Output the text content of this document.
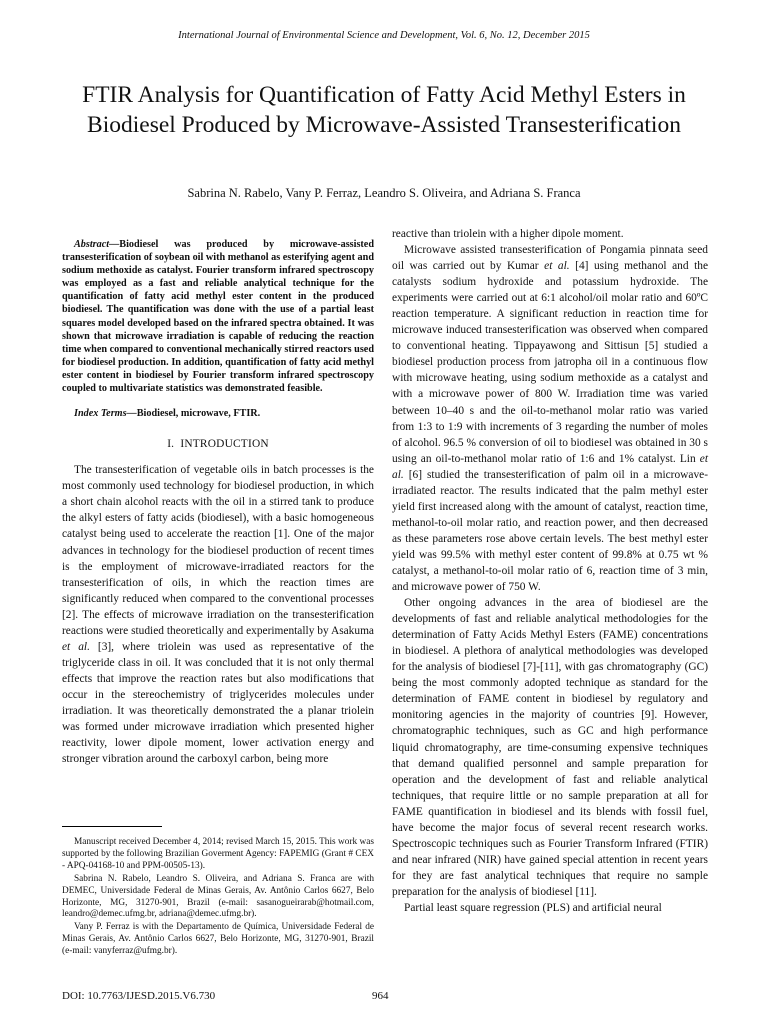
International Journal of Environmental Science and Development, Vol. 6, No. 12, December 2015
FTIR Analysis for Quantification of Fatty Acid Methyl Esters in Biodiesel Produced by Microwave-Assisted Transesterification
Sabrina N. Rabelo, Vany P. Ferraz, Leandro S. Oliveira, and Adriana S. Franca

Abstract—Biodiesel was produced by microwave-assisted transesterification of soybean oil with methanol as esterifying agent and sodium methoxide as catalyst. Fourier transform infrared spectroscopy was employed as a fast and reliable analytical technique for the quantification of fatty acid methyl ester content in the produced biodiesel. The quantification was done with the use of a partial least squares model developed based on the infrared spectra obtained. It was shown that microwave irradiation is capable of reducing the reaction time when compared to conventional mechanically stirred reactors used for biodiesel production. In addition, quantification of fatty acid methyl ester content in biodiesel by Fourier transform infrared spectroscopy coupled to multivariate statistics was demonstrated feasible.

Index Terms—Biodiesel, microwave, FTIR.

I. INTRODUCTION

The transesterification of vegetable oils in batch processes is the most commonly used technology for biodiesel production, in which a short chain alcohol reacts with the oil in a stirred tank to produce the alkyl esters of fatty acids (biodiesel), with a basic homogeneous catalyst being used to accelerate the reaction [1]. One of the major advances in technology for the biodiesel production of recent times is the employment of microwave-irradiated reactors for the transesterification of oils, in which the reaction times are significantly reduced when compared to the conventional processes [2]. The effects of microwave irradiation on the transesterification reactions were studied theoretically and experimentally by Asakuma et al. [3], where triolein was used as representative of the triglyceride class in oil. It was concluded that it is not only thermal effects that improve the reaction rates but also modifications that occur in the stereochemistry of triglycerides molecules under irradiation. It was theoretically demonstrated the a planar triolein was formed under microwave irradiation which presented higher reactivity, lower dipole moment, lower activation energy and stronger vibration around the carboxyl carbon, being more

Manuscript received December 4, 2014; revised March 15, 2015. This work was supported by the following Brazilian Goverment Agency: FAPEMIG (Grant # CEX - APQ-04168-10 and PPM-00505-13).

Sabrina N. Rabelo, Leandro S. Oliveira, and Adriana S. Franca are with DEMEC, Universidade Federal de Minas Gerais, Av. Antônio Carlos 6627, Belo Horizonte, MG, 31270-901, Brazil (e-mail: sasanogueirarab@hotmail.com, leandro@demec.ufmg.br, adriana@demec.ufmg.br).

Vany P. Ferraz is with the Departamento de Química, Universidade Federal de Minas Gerais, Av. Antônio Carlos 6627, Belo Horizonte, MG, 31270-901, Brazil (e-mail: vanyferraz@ufmg.br).

reactive than triolein with a higher dipole moment.

Microwave assisted transesterification of Pongamia pinnata seed oil was carried out by Kumar et al. [4] using methanol and the catalysts sodium hydroxide and potassium hydroxide. The experiments were carried out at 6:1 alcohol/oil molar ratio and 60ºC reaction temperature. A significant reduction in reaction time for microwave induced transesterification was observed when compared to conventional heating. Tippayawong and Sittisun [5] studied a biodiesel production process from jatropha oil in a continuous flow with microwave heating, using sodium methoxide as a catalyst and with a microwave power of 800 W. Irradiation time was varied between 10–40 s and the oil-to-methanol molar ratio was varied from 1:3 to 1:9 with increments of 3 regarding the number of moles of alcohol. 96.5 % conversion of oil to biodiesel was obtained in 30 s using an oil-to-methanol molar ratio of 1:6 and 1% catalyst. Lin et al. [6] studied the transesterification of palm oil in a microwave-irradiated reactor. The results indicated that the palm methyl ester yield first increased along with the amount of catalyst, reaction time, methanol-to-oil molar ratio, and reaction power, and then decreased as these parameters rose above certain levels. The best methyl ester yield was 99.5% with methyl ester content of 99.8% at 0.75 wt % catalyst, a methanol-to-oil molar ratio of 6, reaction time of 3 min, and microwave power of 750 W.

Other ongoing advances in the area of biodiesel are the developments of fast and reliable analytical methodologies for the determination of Fatty Acids Methyl Esters (FAME) concentrations in biodiesel. A plethora of analytical methodologies was developed for the analysis of biodiesel [7]-[11], with gas chromatography (GC) being the most commonly adopted technique as standard for the determination of FAME content in biodiesel by regulatory and monitoring agencies in the majority of countries [9]. However, chromatographic techniques, such as GC and high performance liquid chromatography, are time-consuming expensive techniques that demand qualified personnel and sample preparation for operation and the development of fast and reliable analytical techniques, that require little or no sample preparation at all for FAME quantification in biodiesel and its blends with fossil fuel, have become the major focus of several recent research works. Spectroscopic techniques such as Fourier Transform Infrared (FTIR) and near infrared (NIR) have gained special attention in recent years for they are fast analytical techniques that require no sample preparation for the analysis of biodiesel [11].

Partial least square regression (PLS) and artificial neural

DOI: 10.7763/IJESD.2015.V6.730	964
